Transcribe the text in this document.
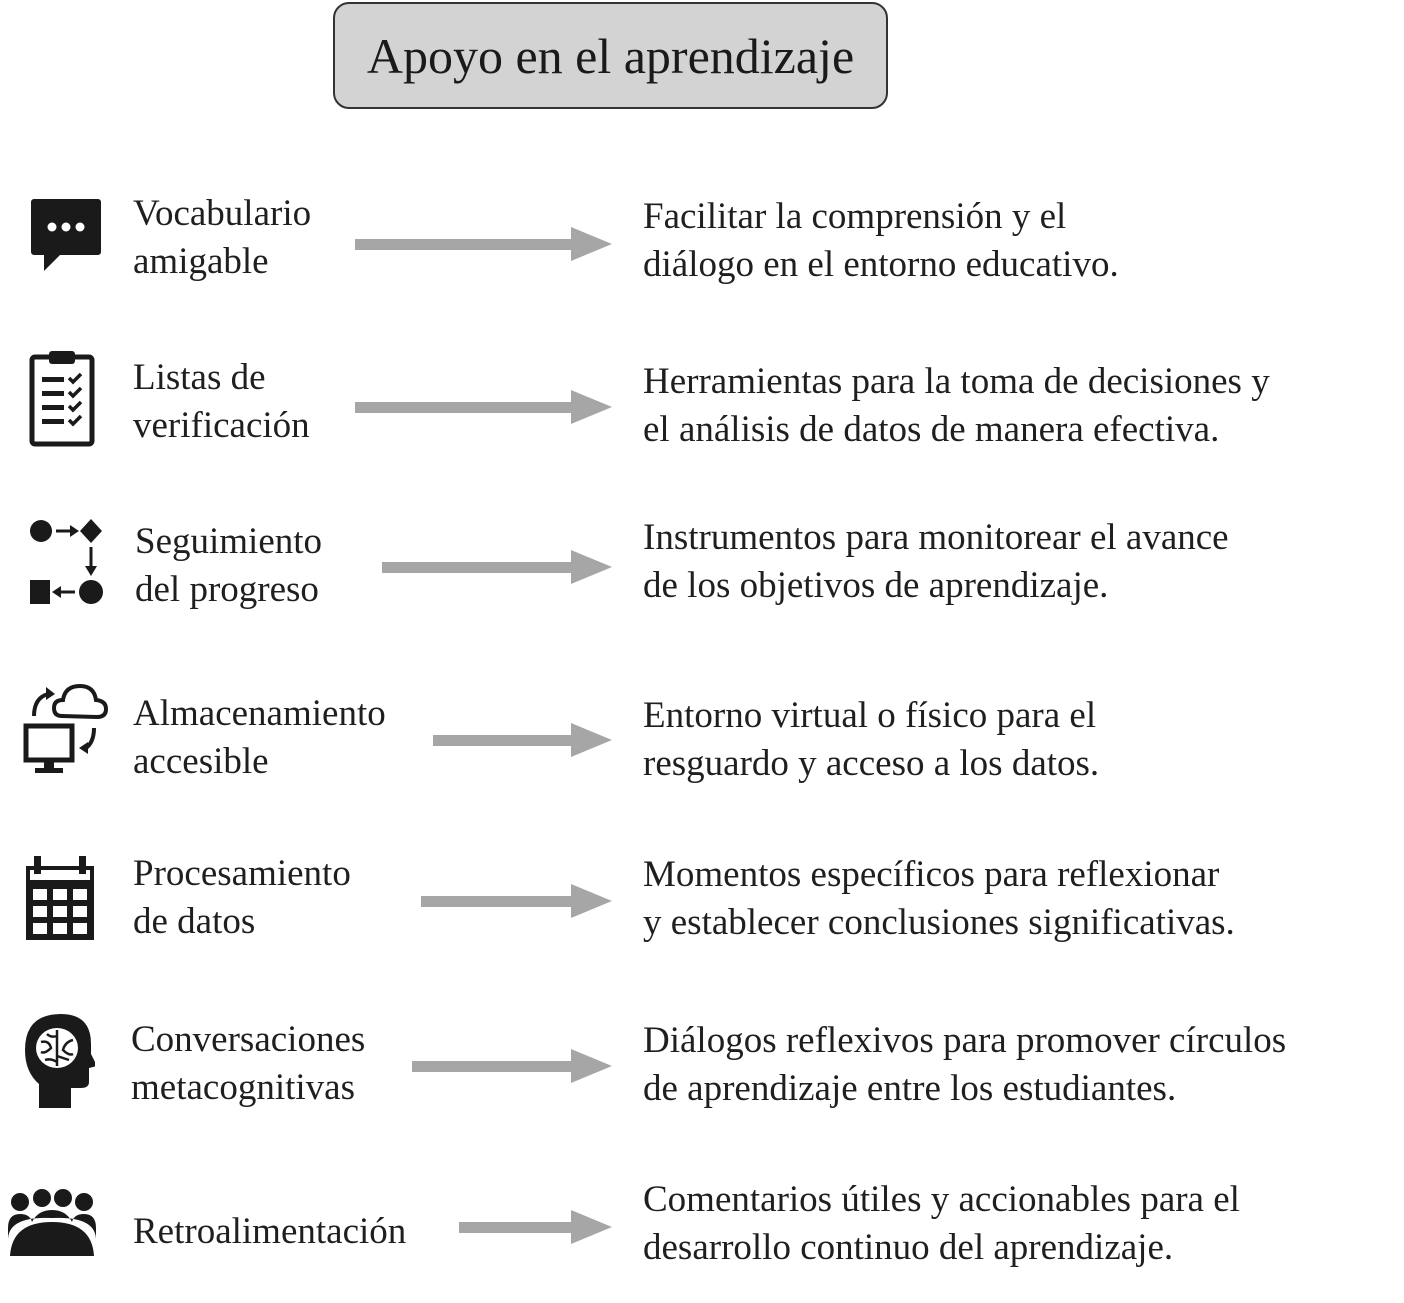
Apoyo en el aprendizaje
Vocabulario
amigable
Facilitar la comprensión y el
diálogo en el entorno educativo.
Listas de
verificación
Herramientas para la toma de decisiones y
el análisis de datos de manera efectiva.
Seguimiento
del progreso
Instrumentos para monitorear el avance
de los objetivos de aprendizaje.
Almacenamiento
accesible
Entorno virtual o físico para el
resguardo y acceso a los datos.
Procesamiento
de datos
Momentos específicos para reflexionar
y establecer conclusiones significativas.
Conversaciones
metacognitivas
Diálogos reflexivos para promover círculos
de aprendizaje entre los estudiantes.
Retroalimentación
Comentarios útiles y accionables para el
desarrollo continuo del aprendizaje.
